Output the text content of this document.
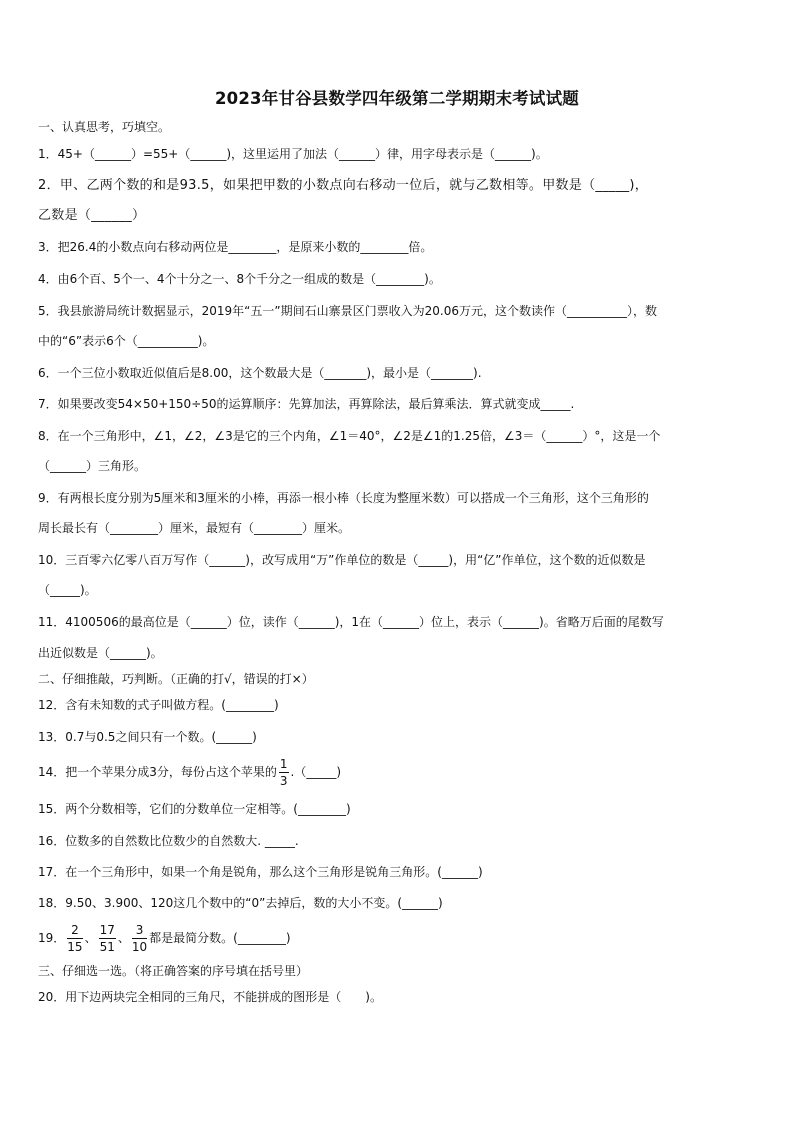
2023年甘谷县数学四年级第二学期期末考试试题
一、认真思考，巧填空。
1．45+（______）=55+（______)，这里运用了加法（______）律，用字母表示是（______)。
2．甲、乙两个数的和是93.5，如果把甲数的小数点向右移动一位后，就与乙数相等。甲数是（_____)，
乙数是（______）
3．把26.4的小数点向右移动两位是________，是原来小数的________倍。
4．由6个百、5个一、4个十分之一、8个千分之一组成的数是（________)。
5．我县旅游局统计数据显示，2019年“五一”期间石山寨景区门票收入为20.06万元，这个数读作（__________），数
中的“6”表示6个（__________)。
6．一个三位小数取近似值后是8.00，这个数最大是（_______)，最小是（_______).
7．如果要改变54×50+150÷50的运算顺序：先算加法，再算除法，最后算乘法．算式就变成_____.
8．在一个三角形中，∠1，∠2，∠3是它的三个内角，∠1＝40°，∠2是∠1的1.25倍，∠3＝（______）°，这是一个
（______）三角形。
9．有两根长度分别为5厘米和3厘米的小棒，再添一根小棒（长度为整厘米数）可以搭成一个三角形，这个三角形的
周长最长有（________）厘米，最短有（________）厘米。
10．三百零六亿零八百万写作（______)，改写成用“万”作单位的数是（_____)，用“亿”作单位，这个数的近似数是
（_____)。
11．4100506的最高位是（______）位，读作（______)，1在（______）位上，表示（______)。省略万后面的尾数写
出近似数是（______)。
二、仔细推敲，巧判断。（正确的打√，错误的打×）
12．含有未知数的式子叫做方程。(________)
13．0.7与0.5之间只有一个数。(______)
14．把一个苹果分成3分，每份占这个苹果的 $\frac{1}{3}$ .（_____)
15．两个分数相等，它们的分数单位一定相等。(________)
16．位数多的自然数比位数少的自然数大. _____.
17．在一个三角形中，如果一个角是锐角，那么这个三角形是锐角三角形。(______)
18．9.50、3.900、120这几个数中的“0”去掉后，数的大小不变。(______)
19． $\frac{2}{15}$ 、 $\frac{17}{51}$ 、 $\frac{3}{10}$ 都是最简分数。(________)
三、仔细选一选。（将正确答案的序号填在括号里）
20．用下边两块完全相同的三角尺，不能拼成的图形是（　　)。
